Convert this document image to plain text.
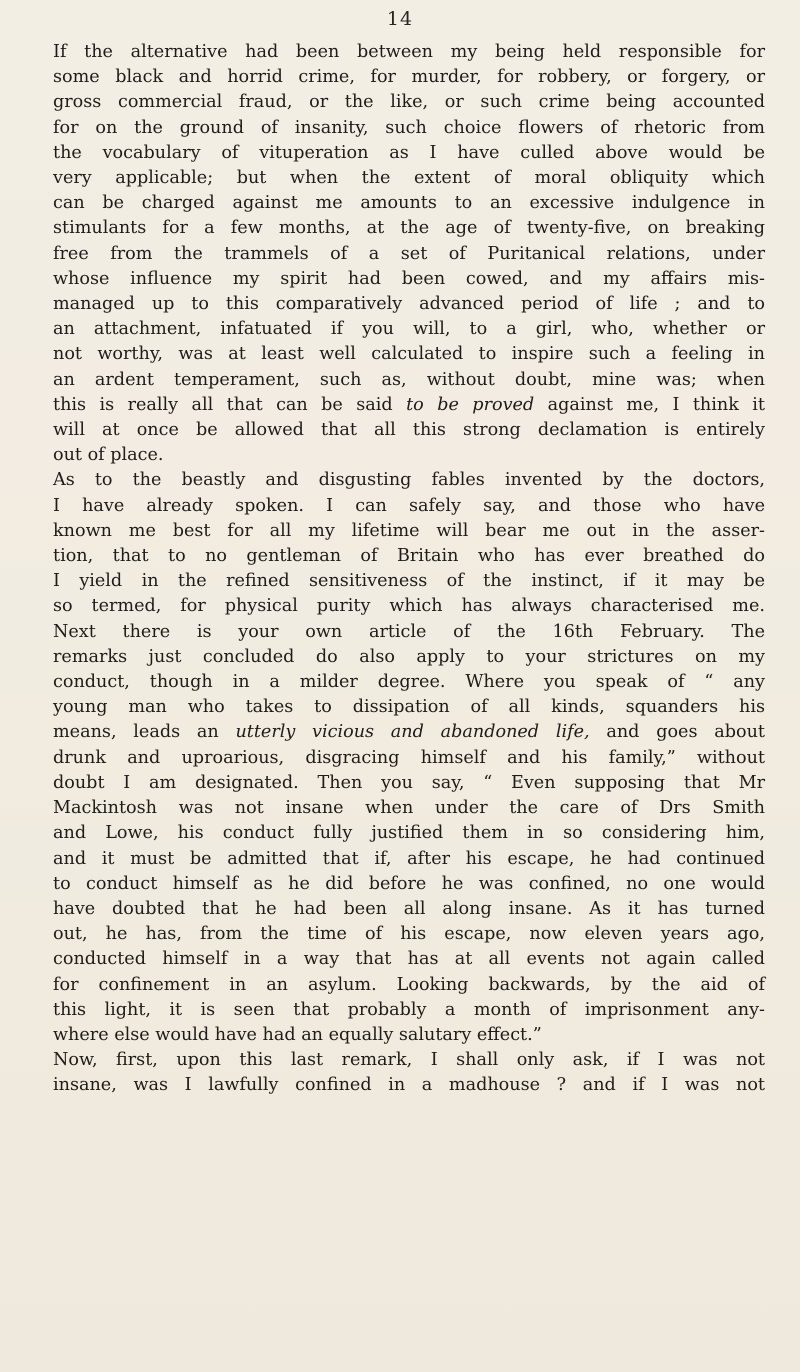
14
If the alternative had been between my being held responsible for
some black and horrid crime, for murder, for robbery, or forgery, or
gross commercial fraud, or the like, or such crime being accounted
for on the ground of insanity, such choice flowers of rhetoric from
the vocabulary of vituperation as I have culled above would be
very applicable; but when the extent of moral obliquity which
can be charged against me amounts to an excessive indulgence in
stimulants for a few months, at the age of twenty-five, on breaking
free from the trammels of a set of Puritanical relations, under
whose influence my spirit had been cowed, and my affairs mis-
managed up to this comparatively advanced period of life ; and to
an attachment, infatuated if you will, to a girl, who, whether or
not worthy, was at least well calculated to inspire such a feeling in
an ardent temperament, such as, without doubt, mine was; when
this is really all that can be said to be proved against me, I think it
will at once be allowed that all this strong declamation is entirely
out of place.
As to the beastly and disgusting fables invented by the doctors,
I have already spoken. I can safely say, and those who have
known me best for all my lifetime will bear me out in the asser-
tion, that to no gentleman of Britain who has ever breathed do
I yield in the refined sensitiveness of the instinct, if it may be
so termed, for physical purity which has always characterised me.
Next there is your own article of the 16th February. The
remarks just concluded do also apply to your strictures on my
conduct, though in a milder degree. Where you speak of “ any
young man who takes to dissipation of all kinds, squanders his
means, leads an utterly vicious and abandoned life, and goes about
drunk and uproarious, disgracing himself and his family,” without
doubt I am designated. Then you say, “ Even supposing that Mr
Mackintosh was not insane when under the care of Drs Smith
and Lowe, his conduct fully justified them in so considering him,
and it must be admitted that if, after his escape, he had continued
to conduct himself as he did before he was confined, no one would
have doubted that he had been all along insane. As it has turned
out, he has, from the time of his escape, now eleven years ago,
conducted himself in a way that has at all events not again called
for confinement in an asylum. Looking backwards, by the aid of
this light, it is seen that probably a month of imprisonment any-
where else would have had an equally salutary effect.”
Now, first, upon this last remark, I shall only ask, if I was not
insane, was I lawfully confined in a madhouse ? and if I was not
